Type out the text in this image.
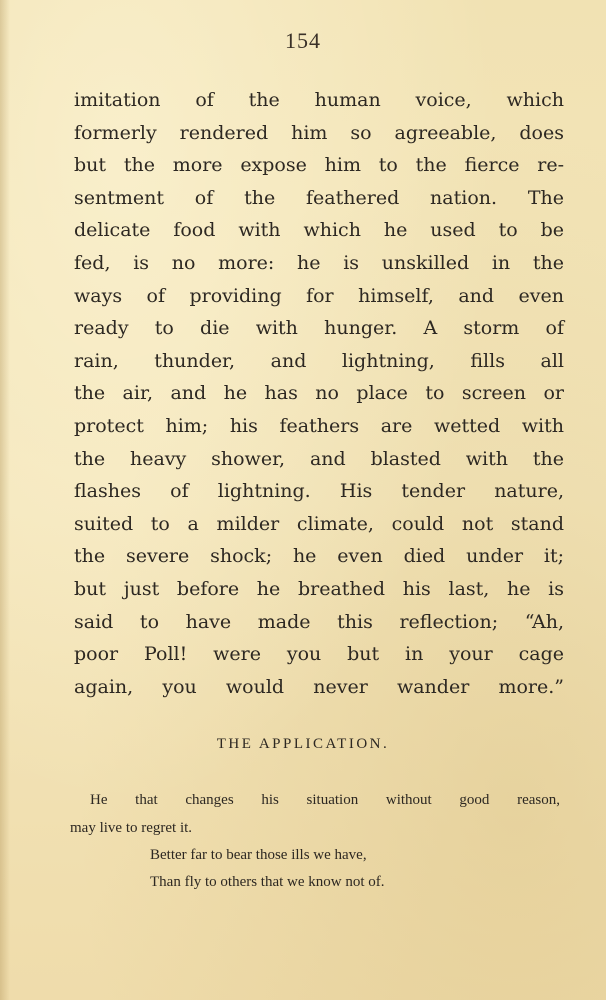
154
imitation of the human voice, which
formerly rendered him so agreeable, does
but the more expose him to the fierce re-
sentment of the feathered nation. The
delicate food with which he used to be
fed, is no more: he is unskilled in the
ways of providing for himself, and even
ready to die with hunger. A storm of
rain, thunder, and lightning, fills all
the air, and he has no place to screen or
protect him; his feathers are wetted with
the heavy shower, and blasted with the
flashes of lightning. His tender nature,
suited to a milder climate, could not stand
the severe shock; he even died under it;
but just before he breathed his last, he is
said to have made this reflection; “Ah,
poor Poll! were you but in your cage
again, you would never wander more.”
THE APPLICATION.
He that changes his situation without good reason,
may live to regret it.
Better far to bear those ills we have,
Than fly to others that we know not of.
